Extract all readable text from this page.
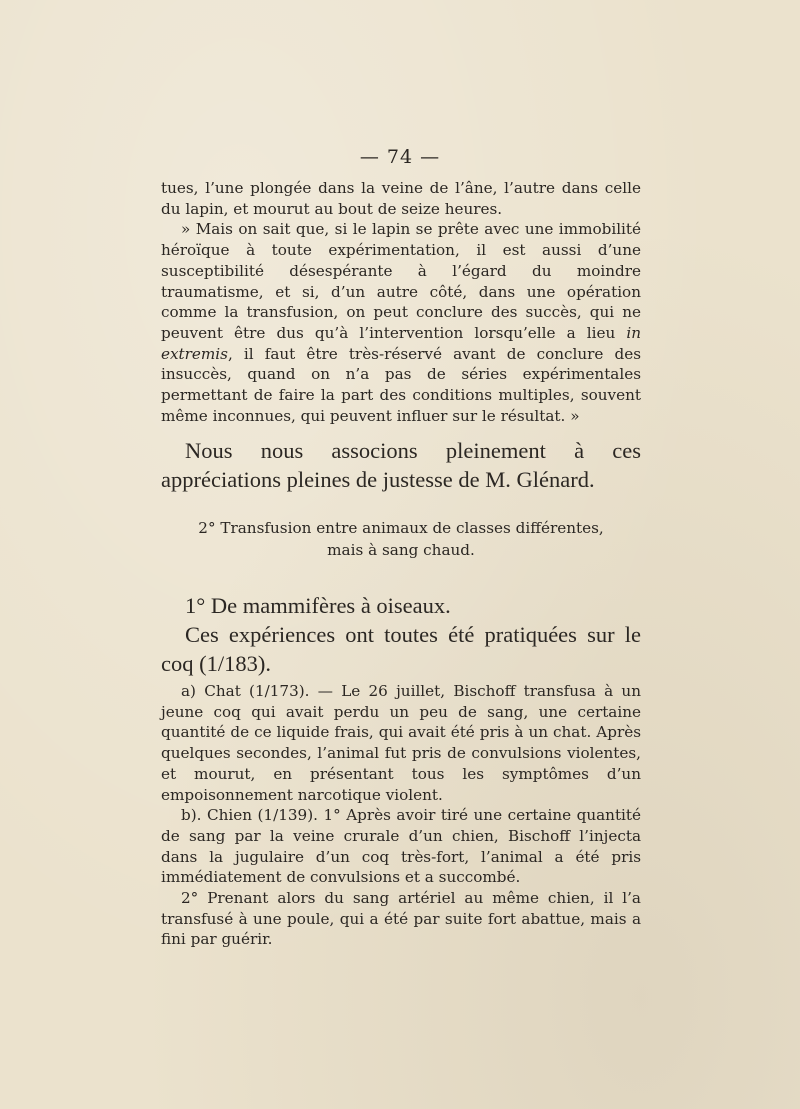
— 74 —

tues, l’une plongée dans la veine de l’âne, l’autre dans celle du lapin, et mourut au bout de seize heures.

» Mais on sait que, si le lapin se prête avec une immobilité héroïque à toute expérimentation, il est aussi d’une susceptibilité désespérante à l’égard du moindre traumatisme, et si, d’un autre côté, dans une opération comme la transfusion, on peut conclure des succès, qui ne peuvent être dus qu’à l’intervention lorsqu’elle a lieu in extremis, il faut être très-réservé avant de conclure des insuccès, quand on n’a pas de séries expérimentales permettant de faire la part des conditions multiples, souvent même inconnues, qui peuvent influer sur le résultat. »

Nous nous associons pleinement à ces appréciations pleines de justesse de M. Glénard.

2° Transfusion entre animaux de classes différentes,
mais à sang chaud.

1° De mammifères à oiseaux.

Ces expériences ont toutes été pratiquées sur le coq (1/183).

a) Chat (1/173). — Le 26 juillet, Bischoff transfusa à un jeune coq qui avait perdu un peu de sang, une certaine quantité de ce liquide frais, qui avait été pris à un chat. Après quelques secondes, l’animal fut pris de convulsions violentes, et mourut, en présentant tous les symptômes d’un empoisonnement narcotique violent.

b). Chien (1/139). 1° Après avoir tiré une certaine quantité de sang par la veine crurale d’un chien, Bischoff l’injecta dans la jugulaire d’un coq très-fort, l’animal a été pris immédiatement de convulsions et a succombé.

2° Prenant alors du sang artériel au même chien, il l’a transfusé à une poule, qui a été par suite fort abattue, mais a fini par guérir.
